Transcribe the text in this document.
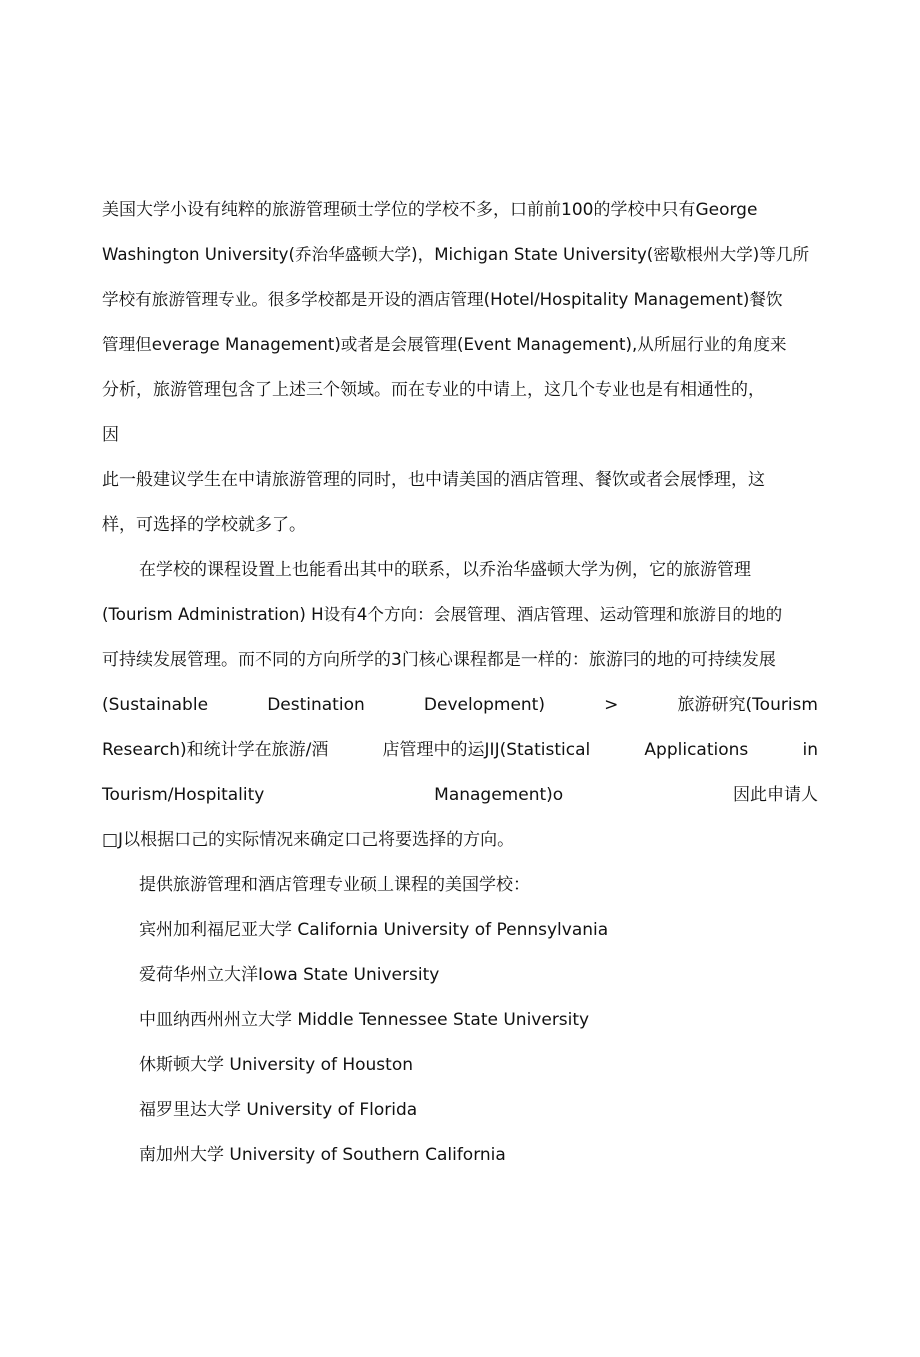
美国大学小设有纯粹的旅游管理硕士学位的学校不多，口前前100的学校中只有George
Washington University(乔治华盛顿大学)，Michigan State University(密歇根州大学)等几所
学校有旅游管理专业。很多学校都是开设的酒店管理(Hotel/Hospitality Management)餐饮
管理但everage Management)或者是会展管理(Event Management),从所屈行业的角度来
分析，旅游管理包含了上述三个领域。而在专业的中请上，这几个专业也是有相通性的，
因
此一般建议学生在中请旅游管理的同时，也中请美国的酒店管理、餐饮或者会展悸理，这
样，可选择的学校就多了。
在学校的课程设置上也能看出其中的联系，以乔治华盛顿大学为例，它的旅游管理
(Tourism Administration) H设有4个方向：会展管理、酒店管理、运动管理和旅游目的地的
可持续发展管理。而不同的方向所学的3门核心课程都是一样的：旅游冃的地的可持续发展
(Sustainable	Destination	Development)	>	旅游研究(Tourism
Research)和统计学在旅游/酒	店管理中的运JIJ(Statistical	Applications	in
Tourism/Hospitality	Management)o	因此申请人
□J以根据口己的实际情况来确定口己将要选择的方向。
提供旅游管理和酒店管理专业硕丄课程的美国学校：
宾州加利福尼亚大学 California University of Pennsylvania
爱荷华州立大洋Iowa State University
中皿纳西州州立大学 Middle Tennessee State University
休斯顿大学 University of Houston
福罗里达大学 University of Florida
南加州大学 University of Southern California
